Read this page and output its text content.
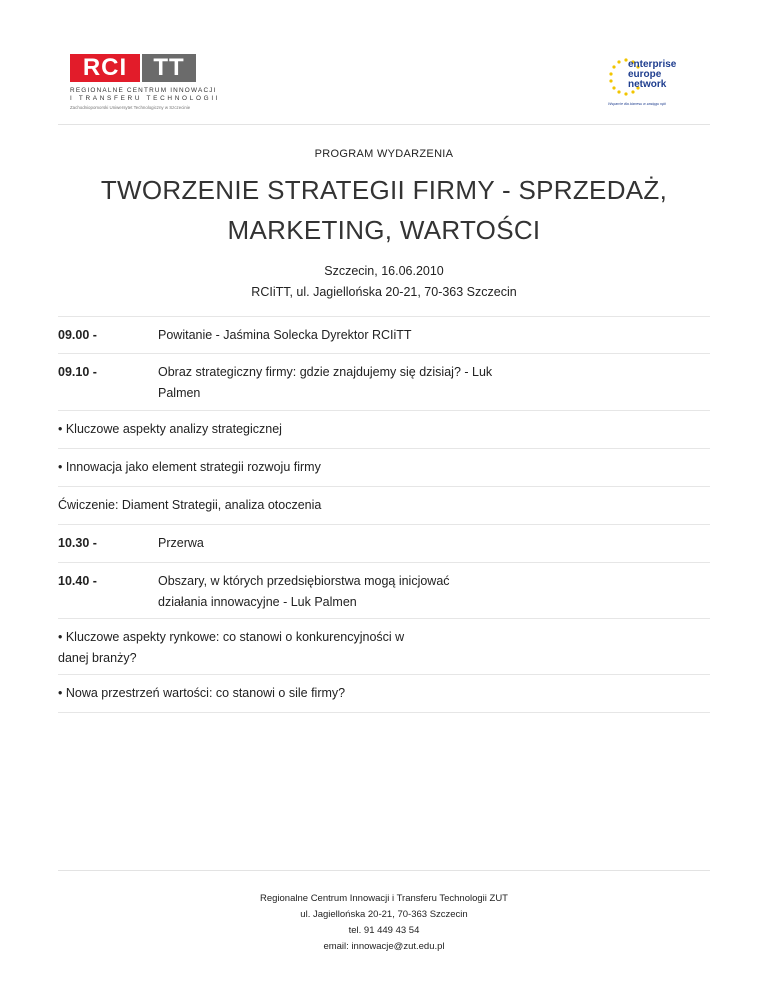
RCI	TT
REGIONALNE CENTRUM INNOWACJI
I TRANSFERU TECHNOLOGII
Zachodniopomorski Uniwersytet Technologiczny w Szczecinie
enterprise
europe
network
Wsparcie dla biznesu w zasięgu ręki
PROGRAM WYDARZENIA
TWORZENIE STRATEGII FIRMY - SPRZEDAŻ, MARKETING, WARTOŚCI
Szczecin, 16.06.2010
RCIiTT, ul. Jagiellońska 20-21, 70-363 Szczecin
09.00 -	Powitanie - Jaśmina Solecka Dyrektor RCIiTT
09.10 -	Obraz strategiczny firmy: gdzie znajdujemy się dzisiaj? - Luk Palmen
• Kluczowe aspekty analizy strategicznej
• Innowacja jako element strategii rozwoju firmy
Ćwiczenie: Diament Strategii, analiza otoczenia
10.30 -	Przerwa
10.40 -	Obszary, w których przedsiębiorstwa mogą inicjować działania innowacyjne - Luk Palmen
• Kluczowe aspekty rynkowe: co stanowi o konkurencyjności w danej branży?
• Nowa przestrzeń wartości: co stanowi o sile firmy?
Regionalne Centrum Innowacji i Transferu Technologii ZUT
ul. Jagiellońska 20-21, 70-363 Szczecin
tel. 91 449 43 54
email: innowacje@zut.edu.pl
